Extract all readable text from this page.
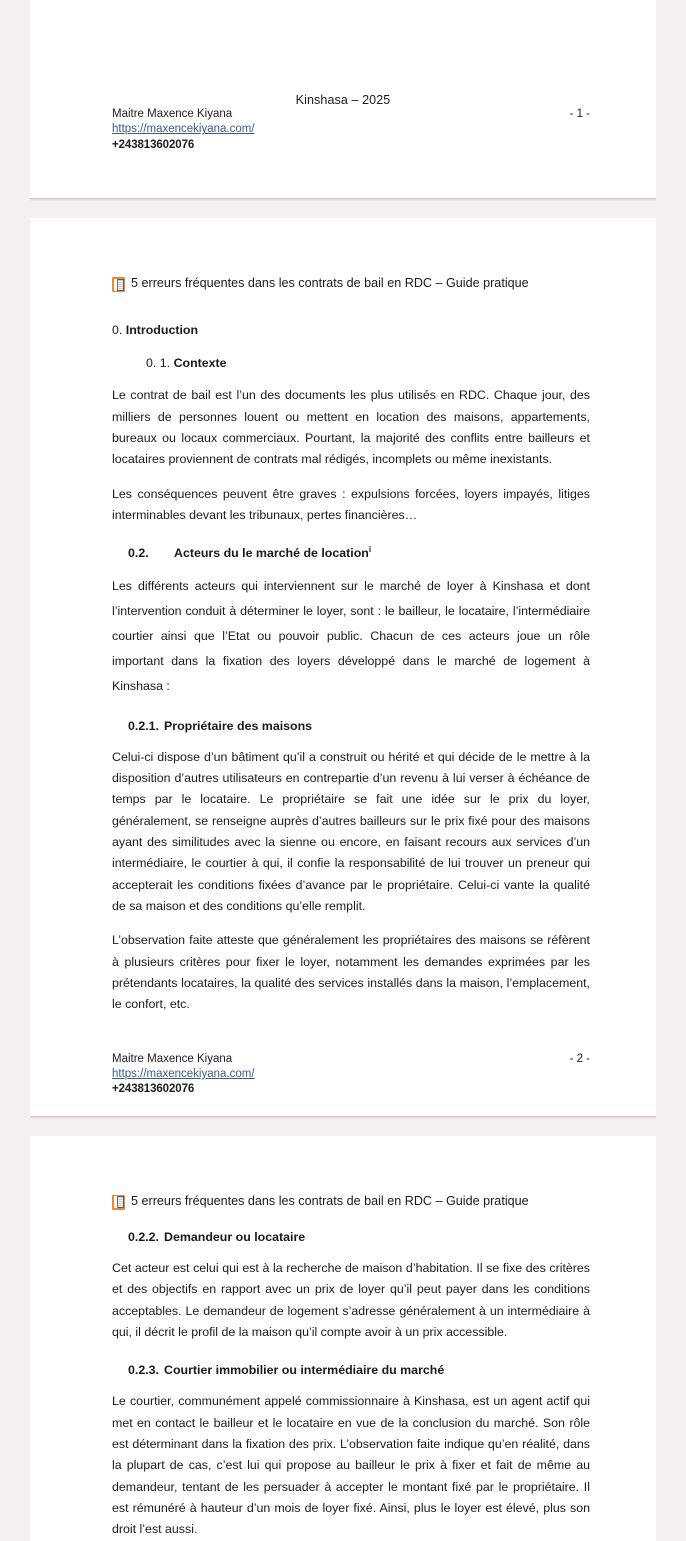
Kinshasa – 2025
Maitre Maxence Kiyana
https://maxencekiyana.com/
+243813602076
- 1 -
5 erreurs fréquentes dans les contrats de bail en RDC – Guide pratique
0. Introduction
0. 1. Contexte

Le contrat de bail est l’un des documents les plus utilisés en RDC. Chaque jour, des milliers de personnes louent ou mettent en location des maisons, appartements, bureaux ou locaux commerciaux. Pourtant, la majorité des conflits entre bailleurs et locataires proviennent de contrats mal rédigés, incomplets ou même inexistants.

Les conséquences peuvent être graves : expulsions forcées, loyers impayés, litiges interminables devant les tribunaux, pertes financières…

0.2. Acteurs du le marché de location$^i$

Les différents acteurs qui interviennent sur le marché de loyer à Kinshasa et dont l’intervention conduit à déterminer le loyer, sont : le bailleur, le locataire, l’intermédiaire courtier ainsi que l’Etat ou pouvoir public. Chacun de ces acteurs joue un rôle important dans la fixation des loyers développé dans le marché de logement à Kinshasa :

0.2.1. Propriétaire des maisons

Celui-ci dispose d’un bâtiment qu’il a construit ou hérité et qui décide de le mettre à la disposition d’autres utilisateurs en contrepartie d’un revenu à lui verser à échéance de temps par le locataire. Le propriétaire se fait une idée sur le prix du loyer, généralement, se renseigne auprès d’autres bailleurs sur le prix fixé pour des maisons ayant des similitudes avec la sienne ou encore, en faisant recours aux services d’un intermédiaire, le courtier à qui, il confie la responsabilité de lui trouver un preneur qui accepterait les conditions fixées d’avance par le propriétaire. Celui-ci vante la qualité de sa maison et des conditions qu’elle remplit.

L’observation faite atteste que généralement les propriétaires des maisons se réfèrent à plusieurs critères pour fixer le loyer, notamment les demandes exprimées par les prétendants locataires, la qualité des services installés dans la maison, l’emplacement, le confort, etc.

Maitre Maxence Kiyana
https://maxencekiyana.com/
+243813602076
- 2 -
5 erreurs fréquentes dans les contrats de bail en RDC – Guide pratique
0.2.2. Demandeur ou locataire

Cet acteur est celui qui est à la recherche de maison d’habitation. Il se fixe des critères et des objectifs en rapport avec un prix de loyer qu’il peut payer dans les conditions acceptables. Le demandeur de logement s’adresse généralement à un intermédiaire à qui, il décrit le profil de la maison qu’il compte avoir à un prix accessible.

0.2.3. Courtier immobilier ou intermédiaire du marché

Le courtier, communément appelé commissionnaire à Kinshasa, est un agent actif qui met en contact le bailleur et le locataire en vue de la conclusion du marché. Son rôle est déterminant dans la fixation des prix. L’observation faite indique qu’en réalité, dans la plupart de cas, c’est lui qui propose au bailleur le prix à fixer et fait de même au demandeur, tentant de les persuader à accepter le montant fixé par le propriétaire. Il est rémunéré à hauteur d’un mois de loyer fixé. Ainsi, plus le loyer est élevé, plus son droit l’est aussi.
